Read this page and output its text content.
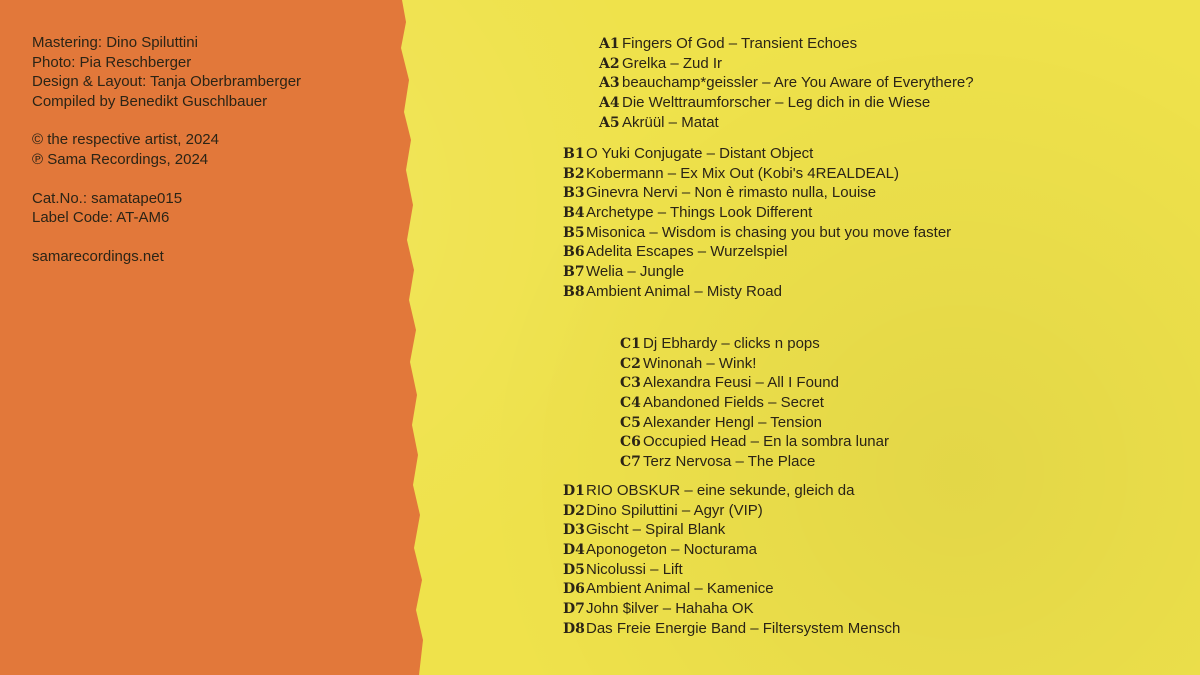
Mastering: Dino Spiluttini
Photo: Pia Reschberger
Design & Layout: Tanja Oberbramberger
Compiled by Benedikt Guschlbauer
© the respective artist, 2024
℗ Sama Recordings, 2024
Cat.No.: samatape015
Label Code: AT-AM6
samarecordings.net
A1 Fingers Of God – Transient Echoes
A2 Grelka – Zud Ir
A3 beauchamp*geissler – Are You Aware of Everythere?
A4 Die Welttraumforscher – Leg dich in die Wiese
A5 Akrüül – Matat
B1O Yuki Conjugate – Distant Object
B2Kobermann – Ex Mix Out (Kobi's 4REALDEAL)
B3Ginevra Nervi – Non è rimasto nulla, Louise
B4Archetype – Things Look Different
B5Misonica – Wisdom is chasing you but you move faster
B6Adelita Escapes – Wurzelspiel
B7Welia – Jungle
B8Ambient Animal – Misty Road
C1 Dj Ebhardy – clicks n pops
C2 Winonah – Wink!
C3 Alexandra Feusi – All I Found
C4 Abandoned Fields – Secret
C5 Alexander Hengl – Tension
C6 Occupied Head – En la sombra lunar
C7 Terz Nervosa – The Place
D1RIO OBSKUR – eine sekunde, gleich da
D2Dino Spiluttini – Agyr (VIP)
D3Gischt – Spiral Blank
D4Aponogeton – Nocturama
D5Nicolussi – Lift
D6Ambient Animal – Kamenice
D7John $ilver – Hahaha OK
D8Das Freie Energie Band – Filtersystem Mensch
